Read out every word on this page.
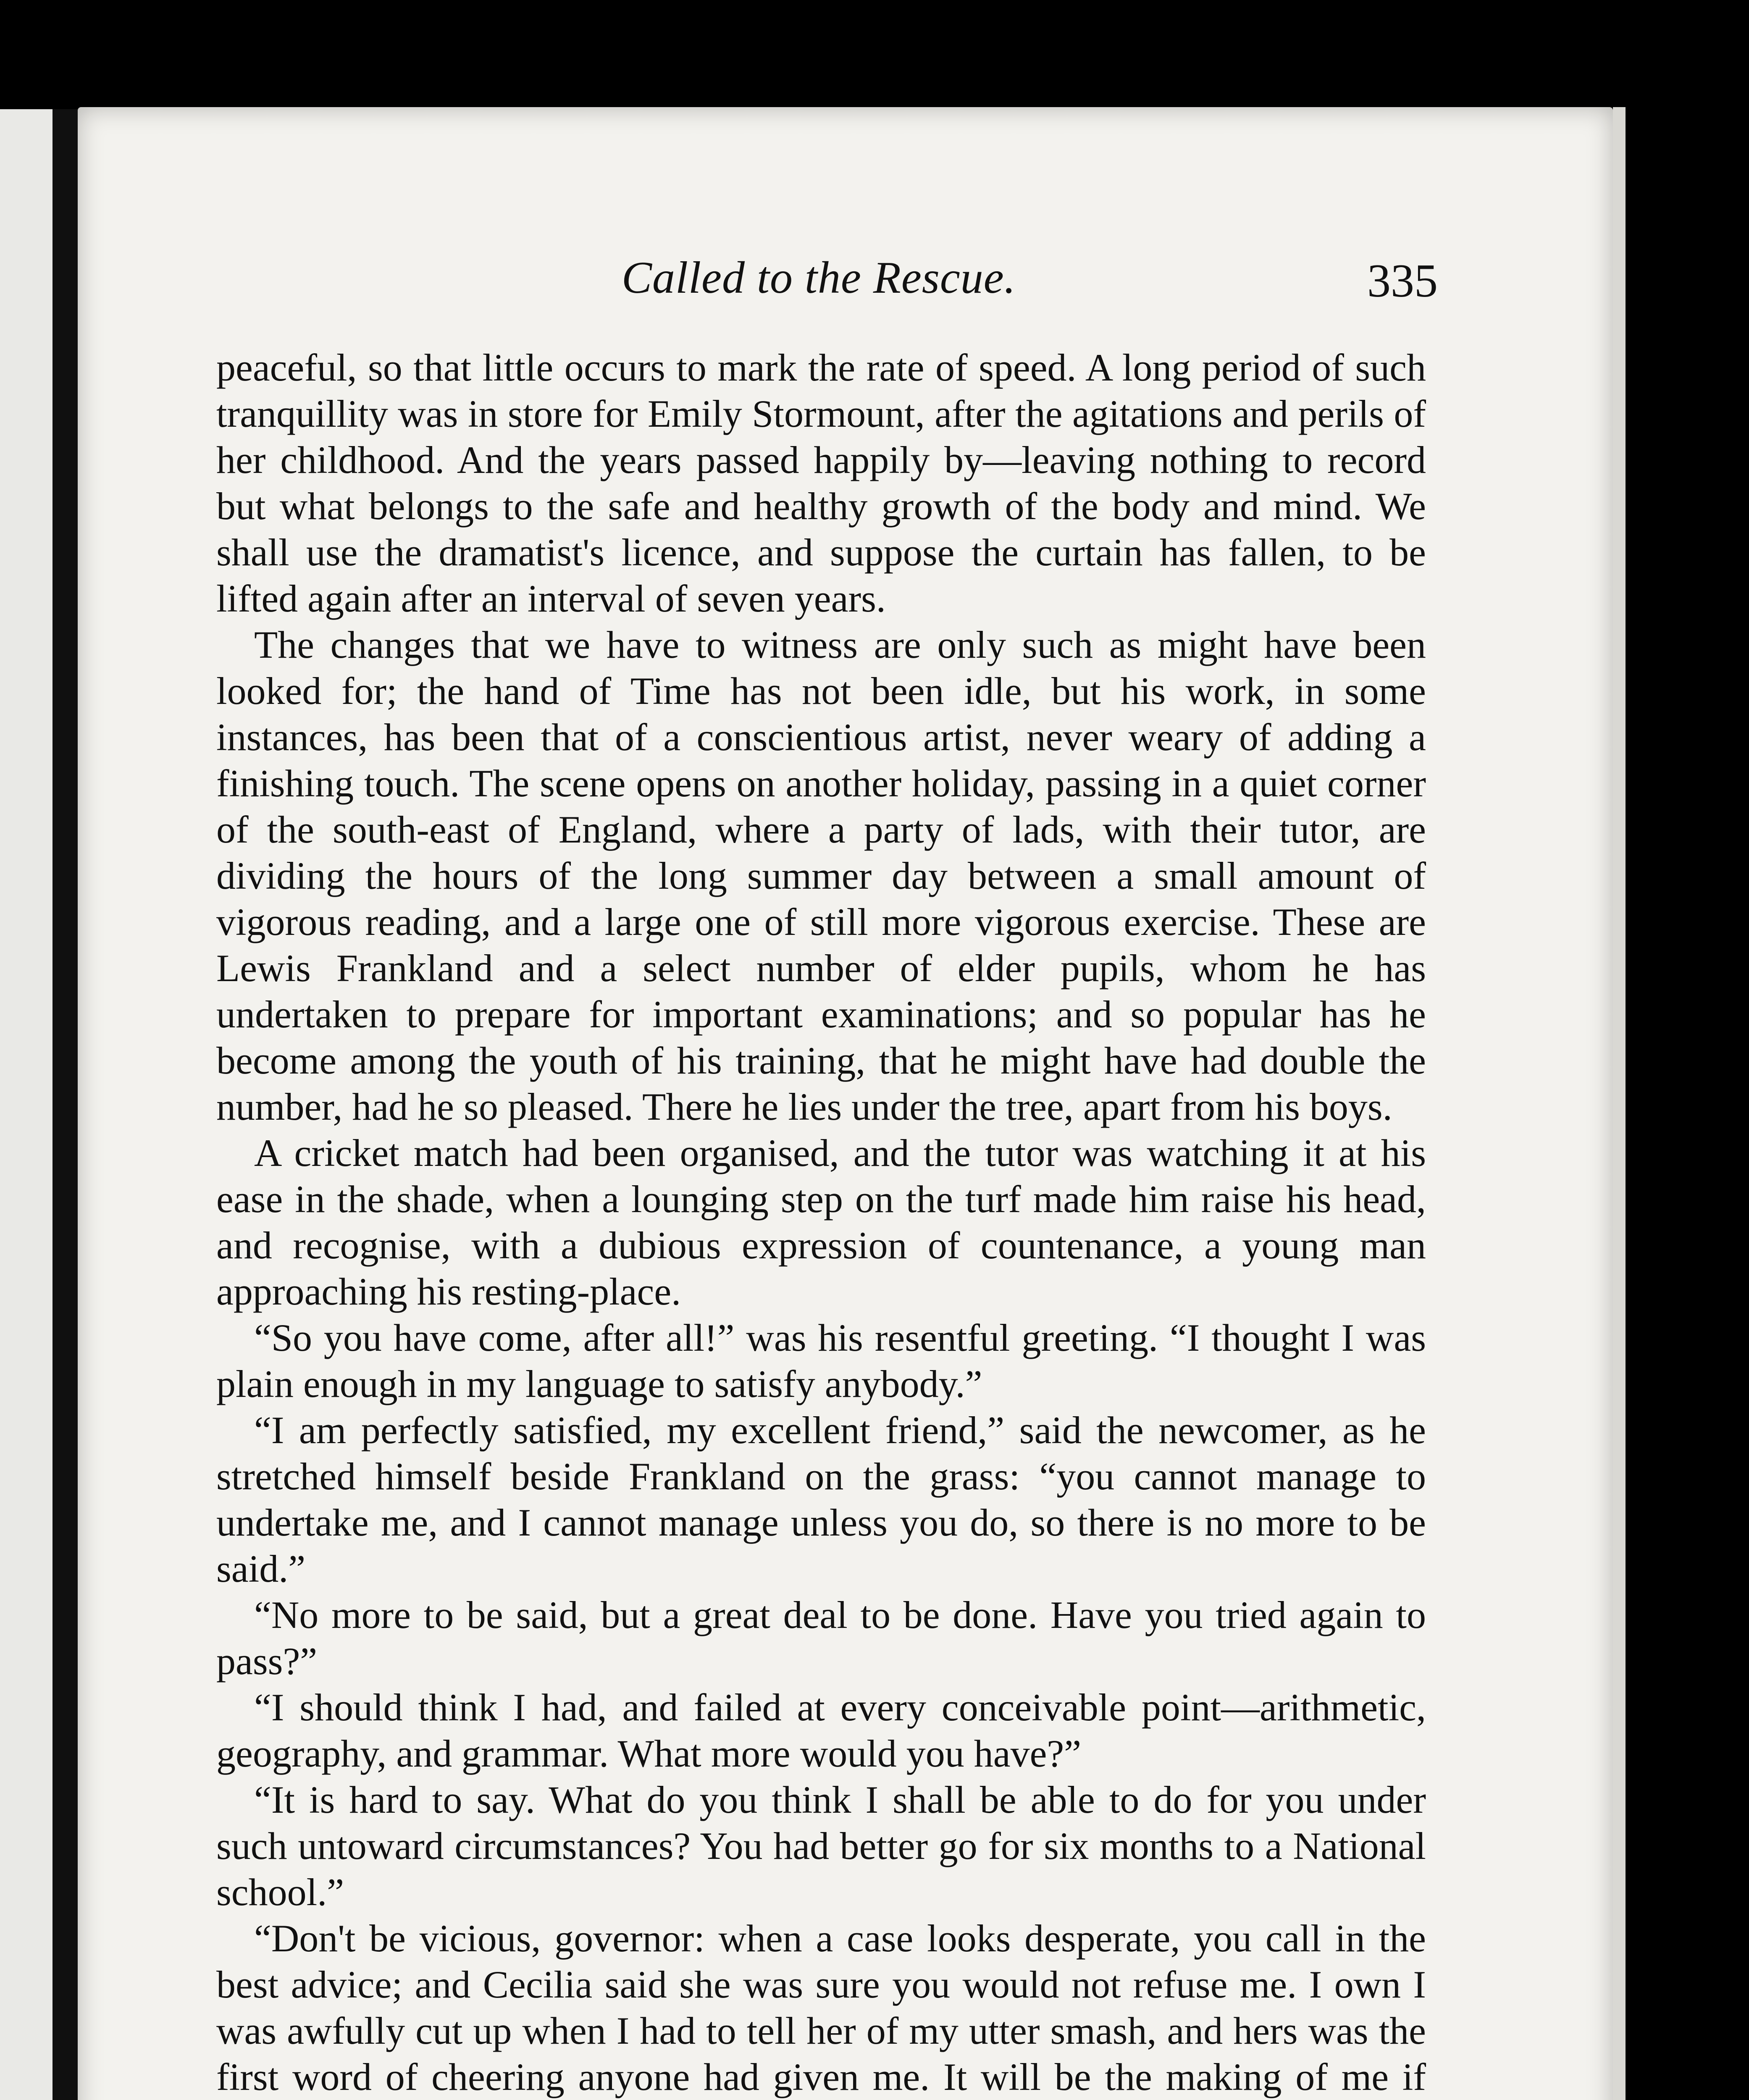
Called to the Rescue.	335

peaceful, so that little occurs to mark the rate of speed. A long period of such tranquillity was in store for Emily Stormount, after the agitations and perils of her childhood. And the years passed happily by—leaving nothing to record but what belongs to the safe and healthy growth of the body and mind. We shall use the dramatist's licence, and suppose the curtain has fallen, to be lifted again after an interval of seven years.

The changes that we have to witness are only such as might have been looked for; the hand of Time has not been idle, but his work, in some instances, has been that of a conscientious artist, never weary of adding a finishing touch. The scene opens on another holiday, passing in a quiet corner of the south-east of England, where a party of lads, with their tutor, are dividing the hours of the long summer day between a small amount of vigorous reading, and a large one of still more vigorous exercise. These are Lewis Frankland and a select number of elder pupils, whom he has undertaken to prepare for important examinations; and so popular has he become among the youth of his training, that he might have had double the number, had he so pleased. There he lies under the tree, apart from his boys.

A cricket match had been organised, and the tutor was watching it at his ease in the shade, when a lounging step on the turf made him raise his head, and recognise, with a dubious expression of countenance, a young man approaching his resting-place.

“So you have come, after all!” was his resentful greeting. “I thought I was plain enough in my language to satisfy anybody.”

“I am perfectly satisfied, my excellent friend,” said the newcomer, as he stretched himself beside Frankland on the grass: “you cannot manage to undertake me, and I cannot manage unless you do, so there is no more to be said.”

“No more to be said, but a great deal to be done. Have you tried again to pass?”

“I should think I had, and failed at every conceivable point—arithmetic, geography, and grammar. What more would you have?”

“It is hard to say. What do you think I shall be able to do for you under such untoward circumstances? You had better go for six months to a National school.”

“Don't be vicious, governor: when a case looks desperate, you call in the best advice; and Cecilia said she was sure you would not refuse me. I own I was awfully cut up when I had to tell her of my utter smash, and hers was the first word of cheering anyone had given me. It will be the making of me if
